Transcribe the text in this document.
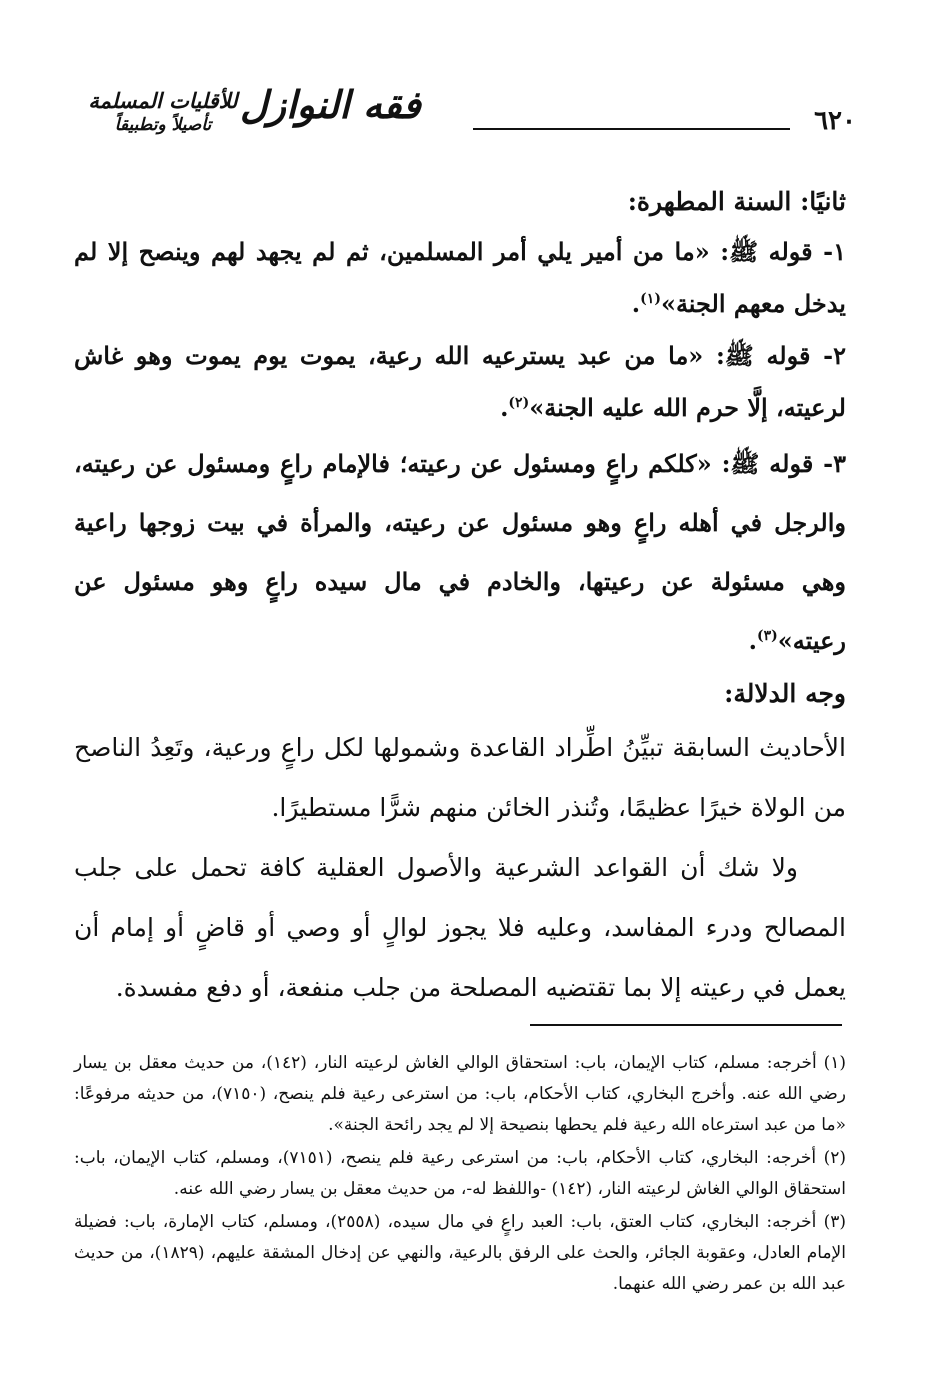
٦٢٠
فقه النوازل
للأقليات المسلمة
تأصيلاً وتطبيقاً

ثانيًا: السنة المطهرة:

١- قوله ﷺ: «ما من أمير يلي أمر المسلمين، ثم لم يجهد لهم وينصح إلا لم يدخل معهم الجنة»$^{(١)}$.

٢- قوله ﷺ: «ما من عبد يسترعيه الله رعية، يموت يوم يموت وهو غاش لرعيته، إلَّا حرم الله عليه الجنة»$^{(٢)}$.

٣- قوله ﷺ: «كلكم راعٍ ومسئول عن رعيته؛ فالإمام راعٍ ومسئول عن رعيته، والرجل في أهله راعٍ وهو مسئول عن رعيته، والمرأة في بيت زوجها راعية وهي مسئولة عن رعيتها، والخادم في مال سيده راعٍ وهو مسئول عن رعيته»$^{(٣)}$.

وجه الدلالة:

الأحاديث السابقة تبيِّنُ اطِّراد القاعدة وشمولها لكل راعٍ ورعية، وتَعِدُ الناصح من الولاة خيرًا عظيمًا، وتُنذر الخائن منهم شرًّا مستطيرًا.

ولا شك أن القواعد الشرعية والأصول العقلية كافة تحمل على جلب المصالح ودرء المفاسد، وعليه فلا يجوز لوالٍ أو وصي أو قاضٍ أو إمام أن يعمل في رعيته إلا بما تقتضيه المصلحة من جلب منفعة، أو دفع مفسدة.

(١) أخرجه: مسلم، كتاب الإيمان، باب: استحقاق الوالي الغاش لرعيته النار، (١٤٢)، من حديث معقل بن يسار رضي الله عنه. وأخرج البخاري، كتاب الأحكام، باب: من استرعى رعية فلم ينصح، (٧١٥٠)، من حديثه مرفوعًا: «ما من عبد استرعاه الله رعية فلم يحطها بنصيحة إلا لم يجد رائحة الجنة».

(٢) أخرجه: البخاري، كتاب الأحكام، باب: من استرعى رعية فلم ينصح، (٧١٥١)، ومسلم، كتاب الإيمان، باب: استحقاق الوالي الغاش لرعيته النار، (١٤٢) -واللفظ له-، من حديث معقل بن يسار رضي الله عنه.

(٣) أخرجه: البخاري، كتاب العتق، باب: العبد راعٍ في مال سيده، (٢٥٥٨)، ومسلم، كتاب الإمارة، باب: فضيلة الإمام العادل، وعقوبة الجائر، والحث على الرفق بالرعية، والنهي عن إدخال المشقة عليهم، (١٨٢٩)، من حديث عبد الله بن عمر رضي الله عنهما.
